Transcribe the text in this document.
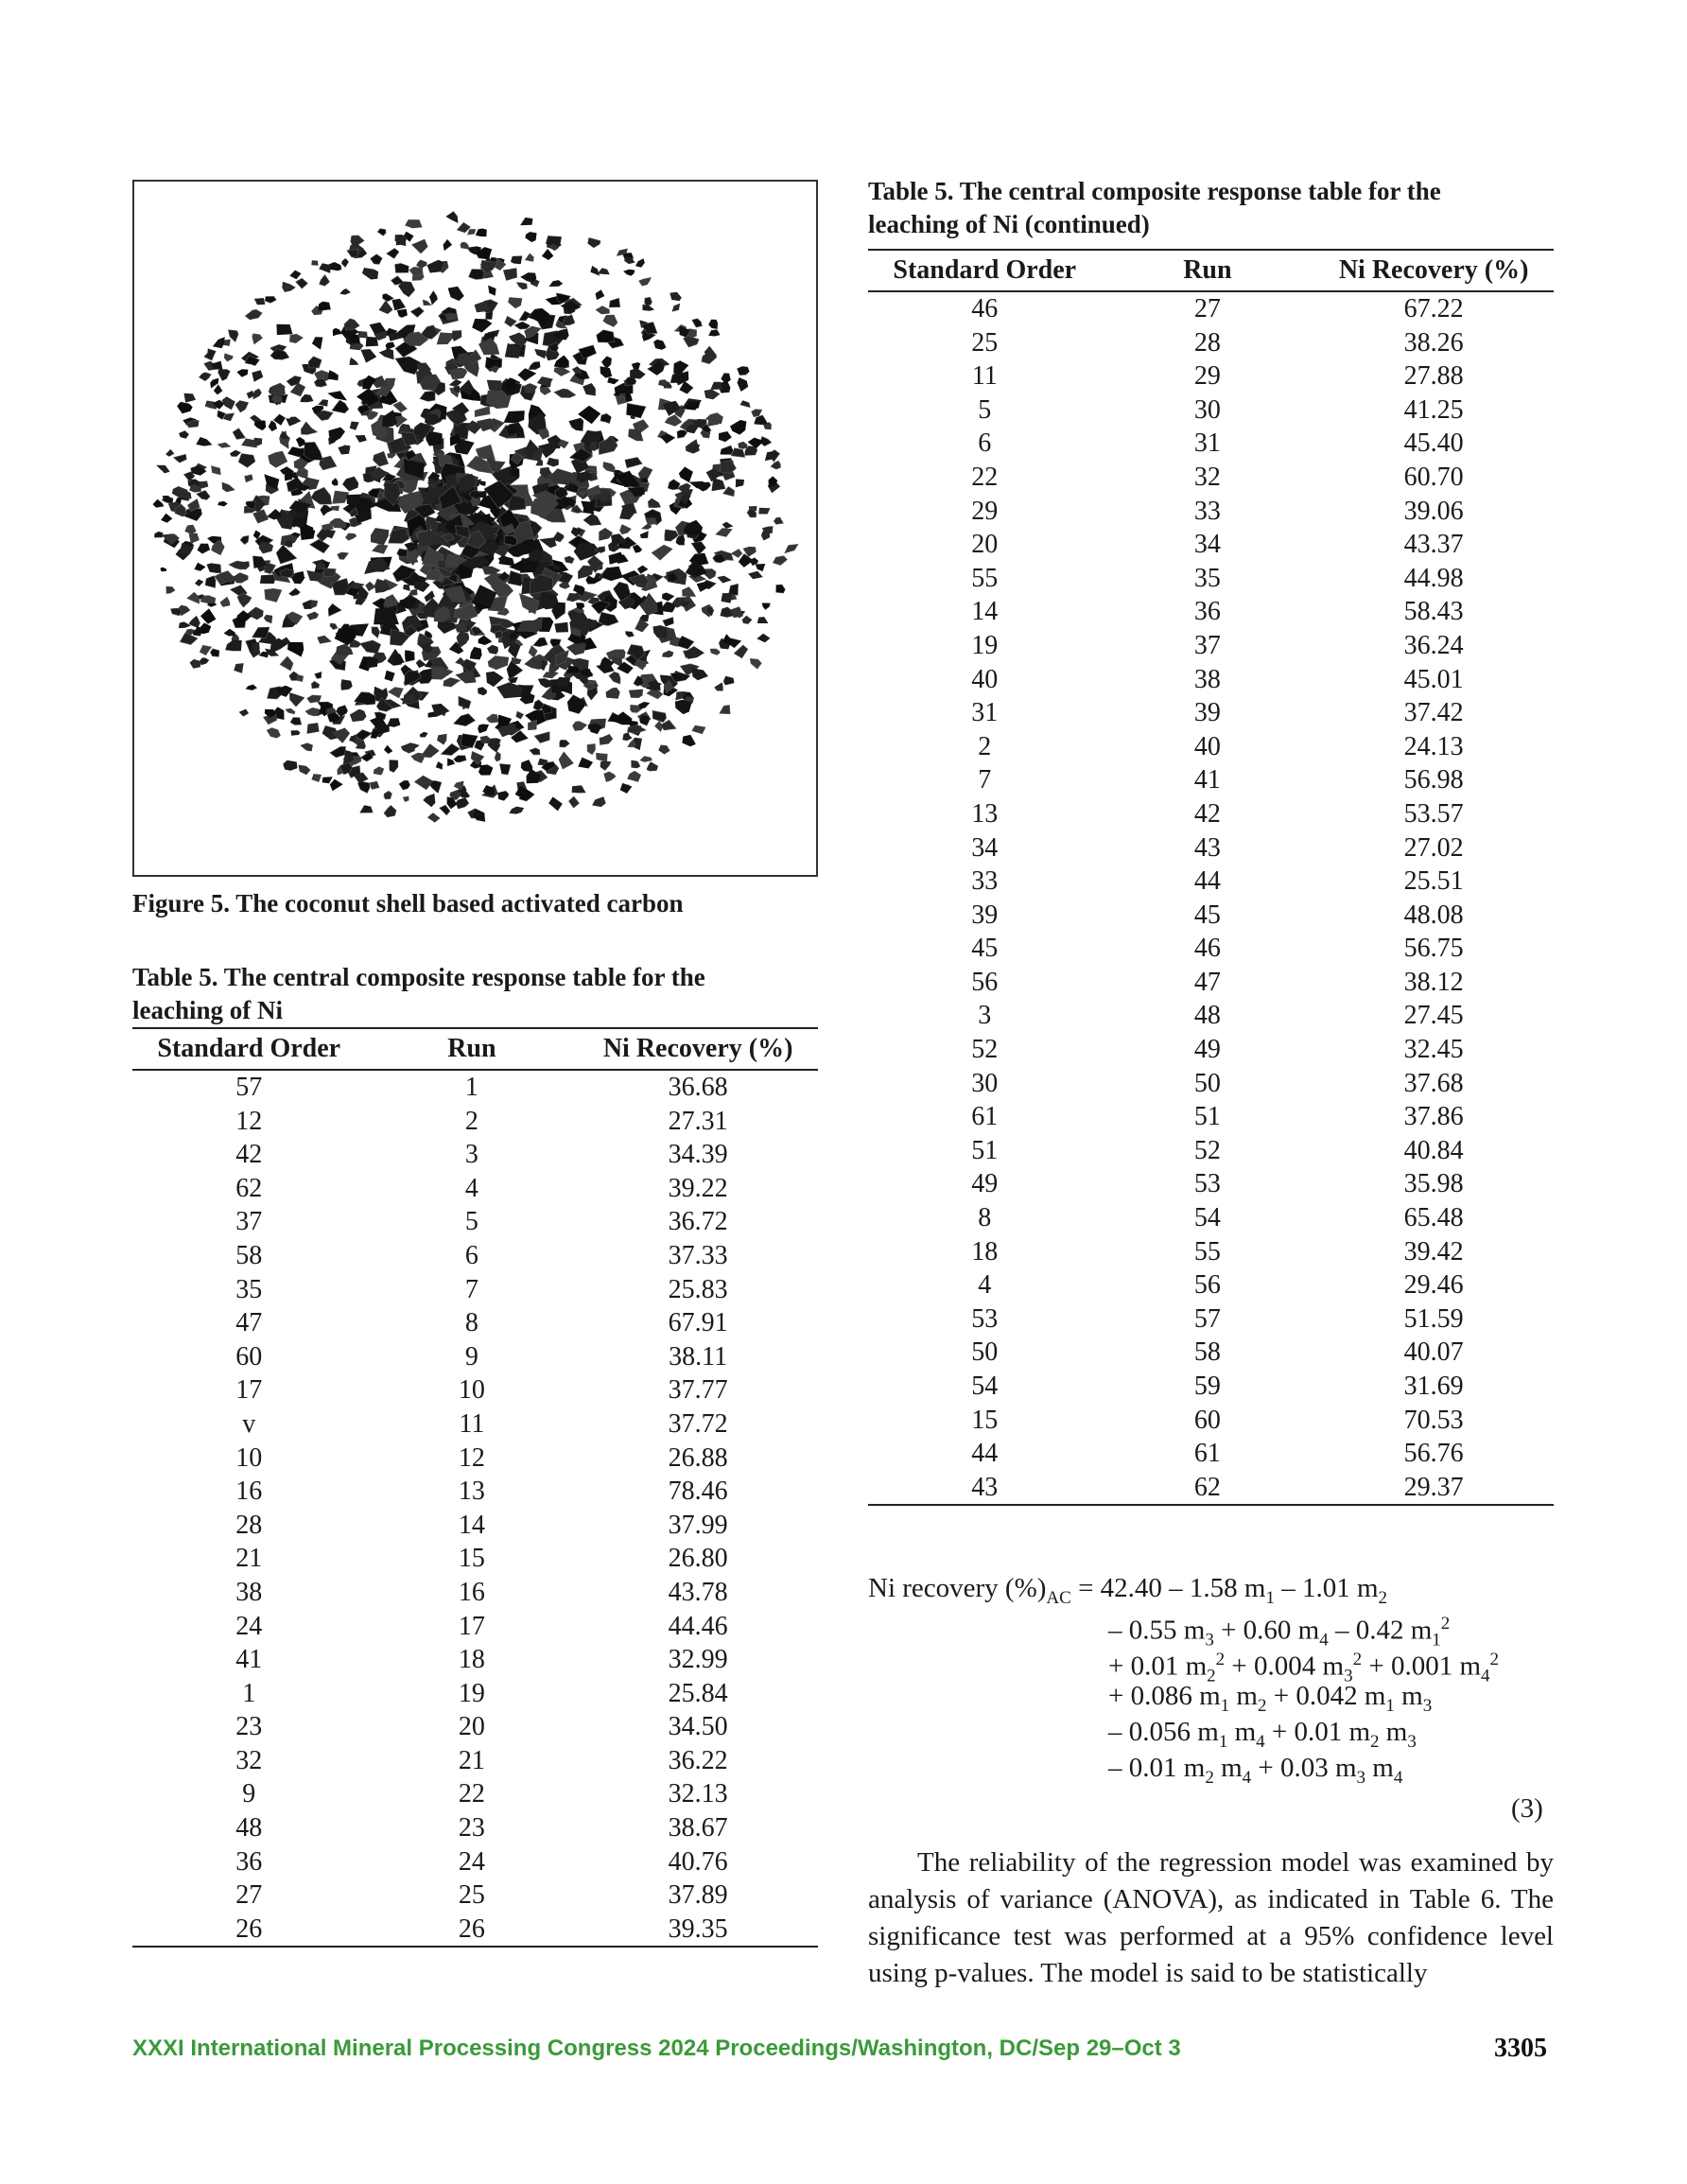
Figure 5. The coconut shell based activated carbon
Table 5. The central composite response table for the
leaching of Ni
Standard Order	Run	Ni Recovery (%)
57	1	36.68
12	2	27.31
42	3	34.39
62	4	39.22
37	5	36.72
58	6	37.33
35	7	25.83
47	8	67.91
60	9	38.11
17	10	37.77
v	11	37.72
10	12	26.88
16	13	78.46
28	14	37.99
21	15	26.80
38	16	43.78
24	17	44.46
41	18	32.99
1	19	25.84
23	20	34.50
32	21	36.22
9	22	32.13
48	23	38.67
36	24	40.76
27	25	37.89
26	26	39.35
Table 5. The central composite response table for the
leaching of Ni (continued)
Standard Order	Run	Ni Recovery (%)
46	27	67.22
25	28	38.26
11	29	27.88
5	30	41.25
6	31	45.40
22	32	60.70
29	33	39.06
20	34	43.37
55	35	44.98
14	36	58.43
19	37	36.24
40	38	45.01
31	39	37.42
2	40	24.13
7	41	56.98
13	42	53.57
34	43	27.02
33	44	25.51
39	45	48.08
45	46	56.75
56	47	38.12
3	48	27.45
52	49	32.45
30	50	37.68
61	51	37.86
51	52	40.84
49	53	35.98
8	54	65.48
18	55	39.42
4	56	29.46
53	57	51.59
50	58	40.07
54	59	31.69
15	60	70.53
44	61	56.76
43	62	29.37
Ni recovery $(\%)_{AC} = 42.40 - 1.58$ $m_1 - 1.01$ $m_2$
– 0.55 $m_3 + 0.60$ $m_4 - 0.42$ $m_1^2$
+ 0.01 $m_2^2 + 0.004$ $m_3^2 + 0.001$ $m_4^2$
+ 0.086 $m_1$ $m_2 + 0.042$ $m_1$ $m_3$
– 0.056 $m_1$ $m_4 + 0.01$ $m_2$ $m_3$
– 0.01 $m_2$ $m_4 + 0.03$ $m_3$ $m_4$
(3)

The reliability of the regression model was examined by analysis of variance (ANOVA), as indicated in Table 6. The significance test was performed at a 95% confidence level using p-values. The model is said to be statistically

XXXI International Mineral Processing Congress 2024 Proceedings/Washington, DC/Sep 29–Oct 3	3305
